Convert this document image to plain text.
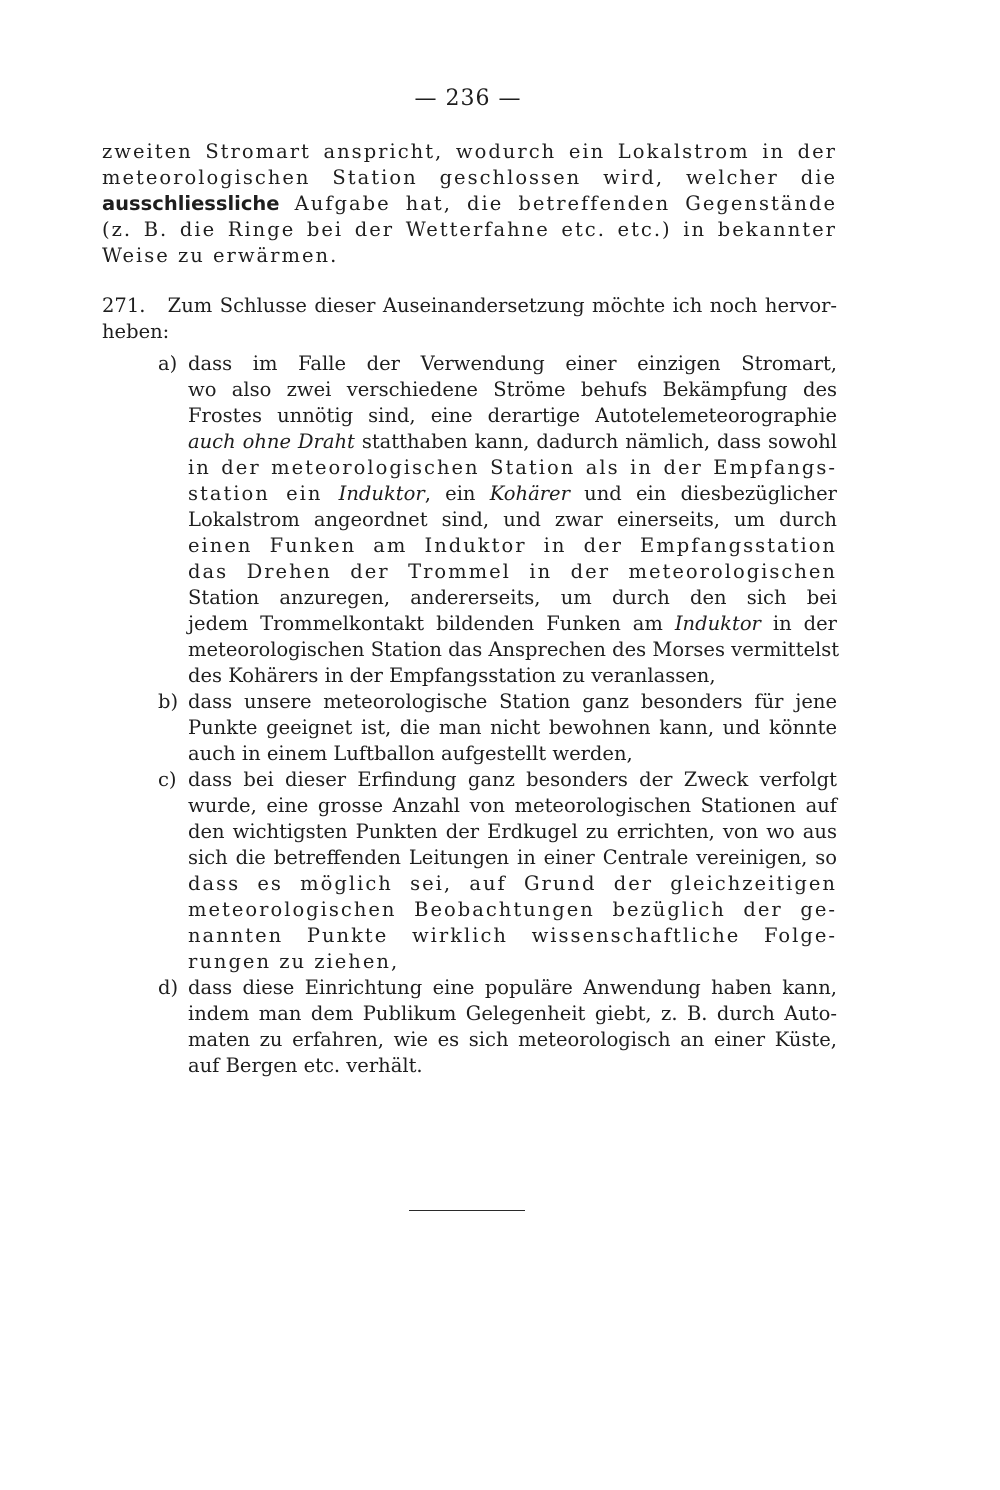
— 236 —
zweiten Stromart anspricht, wodurch ein Lokalstrom in der
meteorologischen Station geschlossen wird, welcher die
ausschliessliche Aufgabe hat, die betreffenden Gegenstände
(z. B. die Ringe bei der Wetterfahne etc. etc.) in bekannter
Weise zu erwärmen.
271.   Zum Schlusse dieser Auseinandersetzung möchte ich noch hervor-
heben:
a) dass im Falle der Verwendung einer einzigen Stromart,
wo also zwei verschiedene Ströme behufs Bekämpfung des
Frostes unnötig sind, eine derartige Autotelemeteorographie
auch ohne Draht statthaben kann, dadurch nämlich, dass sowohl
in der meteorologischen Station als in der Empfangs-
station ein Induktor, ein Kohärer und ein diesbezüglicher
Lokalstrom angeordnet sind, und zwar einerseits, um durch
einen Funken am Induktor in der Empfangsstation
das Drehen der Trommel in der meteorologischen
Station anzuregen, andererseits, um durch den sich bei
jedem Trommelkontakt bildenden Funken am Induktor in der
meteorologischen Station das Ansprechen des Morses vermittelst
des Kohärers in der Empfangsstation zu veranlassen,
b) dass unsere meteorologische Station ganz besonders für jene
Punkte geeignet ist, die man nicht bewohnen kann, und könnte
auch in einem Luftballon aufgestellt werden,
c) dass bei dieser Erfindung ganz besonders der Zweck verfolgt
wurde, eine grosse Anzahl von meteorologischen Stationen auf
den wichtigsten Punkten der Erdkugel zu errichten, von wo aus
sich die betreffenden Leitungen in einer Centrale vereinigen, so
dass es möglich sei, auf Grund der gleichzeitigen
meteorologischen Beobachtungen bezüglich der ge-
nannten Punkte wirklich wissenschaftliche Folge-
rungen zu ziehen,
d) dass diese Einrichtung eine populäre Anwendung haben kann,
indem man dem Publikum Gelegenheit giebt, z. B. durch Auto-
maten zu erfahren, wie es sich meteorologisch an einer Küste,
auf Bergen etc. verhält.
